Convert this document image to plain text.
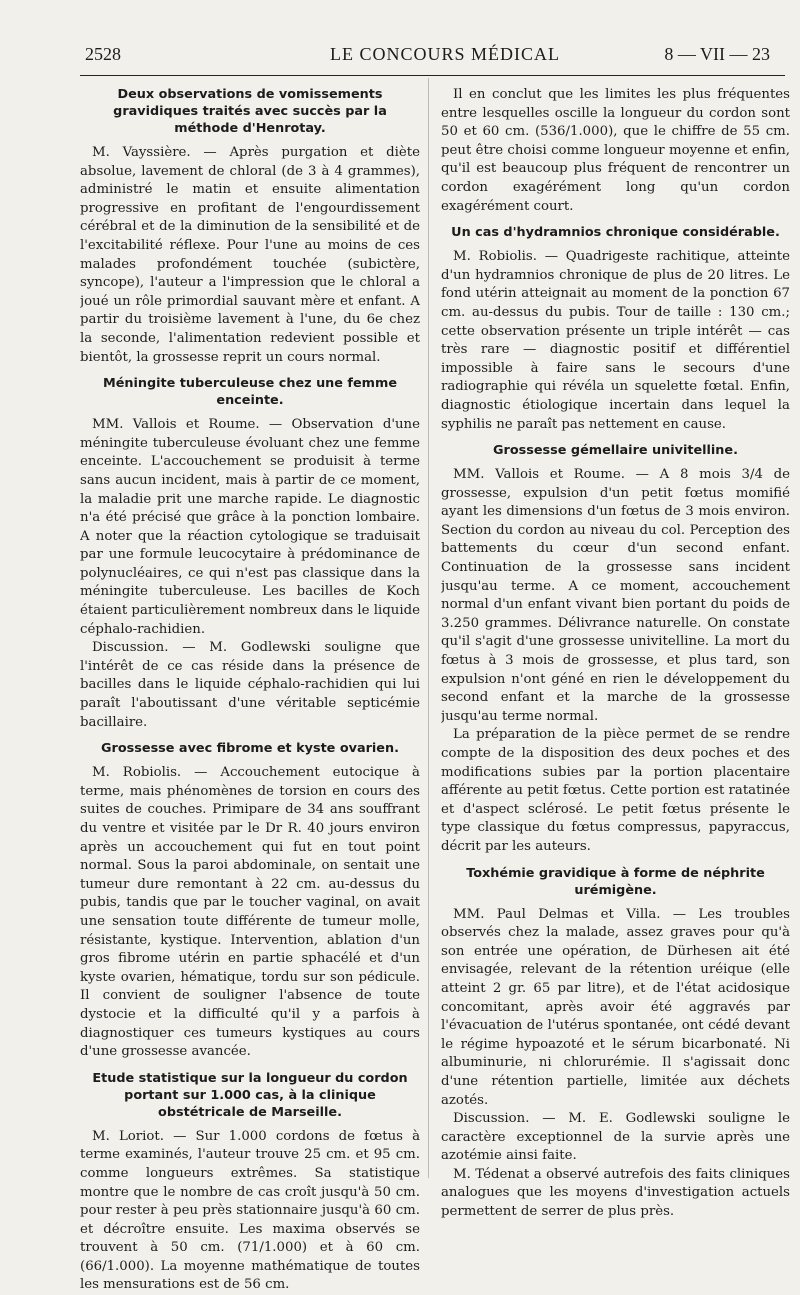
2528	LE CONCOURS MÉDICAL	8 — VII — 23
Deux observations de vomissements gravidiques traités avec succès par la méthode d'Henrotay.

M. Vayssière. — Après purgation et diète absolue, lavement de chloral (de 3 à 4 grammes), administré le matin et ensuite alimentation progressive en profitant de l'engourdissement cérébral et de la diminution de la sensibilité et de l'excitabilité réflexe. Pour l'une au moins de ces malades profondément touchée (subictère, syncope), l'auteur a l'impression que le chloral a joué un rôle primordial sauvant mère et enfant. A partir du troisième lavement à l'une, du 6e chez la seconde, l'alimentation redevient possible et bientôt, la grossesse reprit un cours normal.

Méningite tuberculeuse chez une femme enceinte.

MM. Vallois et Roume. — Observation d'une méningite tuberculeuse évoluant chez une femme enceinte. L'accouchement se produisit à terme sans aucun incident, mais à partir de ce moment, la maladie prit une marche rapide. Le diagnostic n'a été précisé que grâce à la ponction lombaire. A noter que la réaction cytologique se traduisait par une formule leucocytaire à prédominance de polynucléaires, ce qui n'est pas classique dans la méningite tuberculeuse. Les bacilles de Koch étaient particulièrement nombreux dans le liquide céphalo-rachidien.

Discussion. — M. Godlewski souligne que l'intérêt de ce cas réside dans la présence de bacilles dans le liquide céphalo-rachidien qui lui paraît l'aboutissant d'une véritable septicémie bacillaire.

Grossesse avec fibrome et kyste ovarien.

M. Robiolis. — Accouchement eutocique à terme, mais phénomènes de torsion en cours des suites de couches. Primipare de 34 ans souffrant du ventre et visitée par le Dr R. 40 jours environ après un accouchement qui fut en tout point normal. Sous la paroi abdominale, on sentait une tumeur dure remontant à 22 cm. au-dessus du pubis, tandis que par le toucher vaginal, on avait une sensation toute différente de tumeur molle, résistante, kystique. Intervention, ablation d'un gros fibrome utérin en partie sphacélé et d'un kyste ovarien, hématique, tordu sur son pédicule. Il convient de souligner l'absence de toute dystocie et la difficulté qu'il y a parfois à diagnostiquer ces tumeurs kystiques au cours d'une grossesse avancée.

Etude statistique sur la longueur du cordon portant sur 1.000 cas, à la clinique obstétricale de Marseille.

M. Loriot. — Sur 1.000 cordons de fœtus à terme examinés, l'auteur trouve 25 cm. et 95 cm. comme longueurs extrêmes. Sa statistique montre que le nombre de cas croît jusqu'à 50 cm. pour rester à peu près stationnaire jusqu'à 60 cm. et décroître ensuite. Les maxima observés se trouvent à 50 cm. (71/1.000) et à 60 cm. (66/1.000). La moyenne mathématique de toutes les mensurations est de 56 cm.

Il en conclut que les limites les plus fréquentes entre lesquelles oscille la longueur du cordon sont 50 et 60 cm. (536/1.000), que le chiffre de 55 cm. peut être choisi comme longueur moyenne et enfin, qu'il est beaucoup plus fréquent de rencontrer un cordon exagérément long qu'un cordon exagérément court.

Un cas d'hydramnios chronique considérable.

M. Robiolis. — Quadrigeste rachitique, atteinte d'un hydramnios chronique de plus de 20 litres. Le fond utérin atteignait au moment de la ponction 67 cm. au-dessus du pubis. Tour de taille : 130 cm.; cette observation présente un triple intérêt — cas très rare — diagnostic positif et différentiel impossible à faire sans le secours d'une radiographie qui révéla un squelette fœtal. Enfin, diagnostic étiologique incertain dans lequel la syphilis ne paraît pas nettement en cause.

Grossesse gémellaire univitelline.

MM. Vallois et Roume. — A 8 mois 3/4 de grossesse, expulsion d'un petit fœtus momifié ayant les dimensions d'un fœtus de 3 mois environ. Section du cordon au niveau du col. Perception des battements du cœur d'un second enfant. Continuation de la grossesse sans incident jusqu'au terme. A ce moment, accouchement normal d'un enfant vivant bien portant du poids de 3.250 grammes. Délivrance naturelle. On constate qu'il s'agit d'une grossesse univitelline. La mort du fœtus à 3 mois de grossesse, et plus tard, son expulsion n'ont géné en rien le développement du second enfant et la marche de la grossesse jusqu'au terme normal.

La préparation de la pièce permet de se rendre compte de la disposition des deux poches et des modifications subies par la portion placentaire afférente au petit fœtus. Cette portion est ratatinée et d'aspect sclérosé. Le petit fœtus présente le type classique du fœtus compressus, papyraccus, décrit par les auteurs.

Toxhémie gravidique à forme de néphrite urémigène.

MM. Paul Delmas et Villa. — Les troubles observés chez la malade, assez graves pour qu'à son entrée une opération, de Dürhesen ait été envisagée, relevant de la rétention uréique (elle atteint 2 gr. 65 par litre), et de l'état acidosique concomitant, après avoir été aggravés par l'évacuation de l'utérus spontanée, ont cédé devant le régime hypoazoté et le sérum bicarbonaté. Ni albuminurie, ni chlorurémie. Il s'agissait donc d'une rétention partielle, limitée aux déchets azotés.

Discussion. — M. E. Godlewski souligne le caractère exceptionnel de la survie après une azotémie ainsi faite.

M. Tédenat a observé autrefois des faits cliniques analogues que les moyens d'investigation actuels permettent de serrer de plus près.
